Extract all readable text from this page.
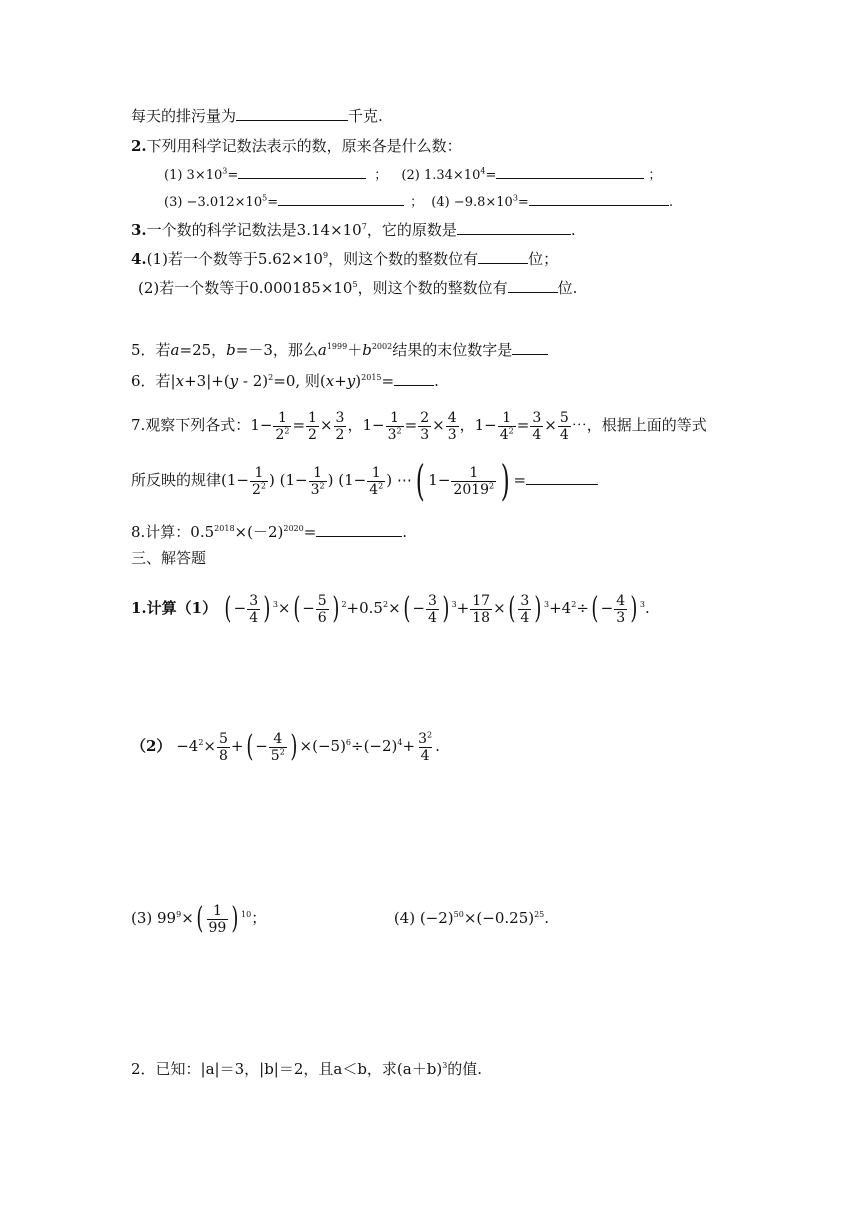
每天的排污量为	千克.
2.下列用科学记数法表示的数，原来各是什么数：
(1) $3\times 10^3=$	； (2) $1.34\times 10^4=$	；
$(3) -3.012\times 10^5=$	； $(4) -9.8\times 10^3=$	.
3.一个数的科学记数法是$3.14\times 10^7$，它的原数是	.
4.(1)若一个数等于$5.62\times 10^9$，则这个数的整数位有	位；
(2)若一个数等于$0.000185\times 10^5$，则这个数的整数位有	位.
5．若a=25，b=－3，那么$a^{1999}+b^{2002}$结果的末位数字是
6．若|x+3|+(y - 2)$^2$=0, 则$(x+y)^{2015}=$	.
7.观察下列各式：$1- \frac{1}{2^2} = \frac{1}{2} \times \frac{3}{2}$ ，$1- \frac{1}{3^2} = \frac{2}{3} \times \frac{4}{3}$ ，$1- \frac{1}{4^2} = \frac{3}{4} \times \frac{5}{4}$ ⋯，根据上面的等式
所反映的规律($1- \frac{1}{2^2}$ ) ($1- \frac{1}{3^2}$ ) ($1- \frac{1}{4^2}$ ) ⋯( $1- \frac{1}{2019^2}$ ) =
8.计算：$0.5^{2018}\times(-2)^{2020}=$	.
三、解答题
1.计算（1） ( − $\frac{3}{4}$ ) $^3\times( - \frac{5}{6}$ ) $^2+0.5^2\times( - \frac{3}{4}$ ) $^3+ \frac{17}{18}$ ×( $\frac{3}{4}$ ) $^3+4^2\div( - \frac{4}{3}$ ) $^3$.
$(2) -4^2\times \frac{5}{8}$ +( − $\frac{4}{5^2}$ ) $\times(-5)^6\div(-2)^4+ \frac{3^2}{4}$ .
(3) $99^9\times( \frac{1}{99}$ ) $^{10}$；	(4) $(-2)^{50}\times(-0.25)^{25}$.
2．已知：|a|＝3，|b|＝2，且a＜b，求$(a+b)^3$的值.
